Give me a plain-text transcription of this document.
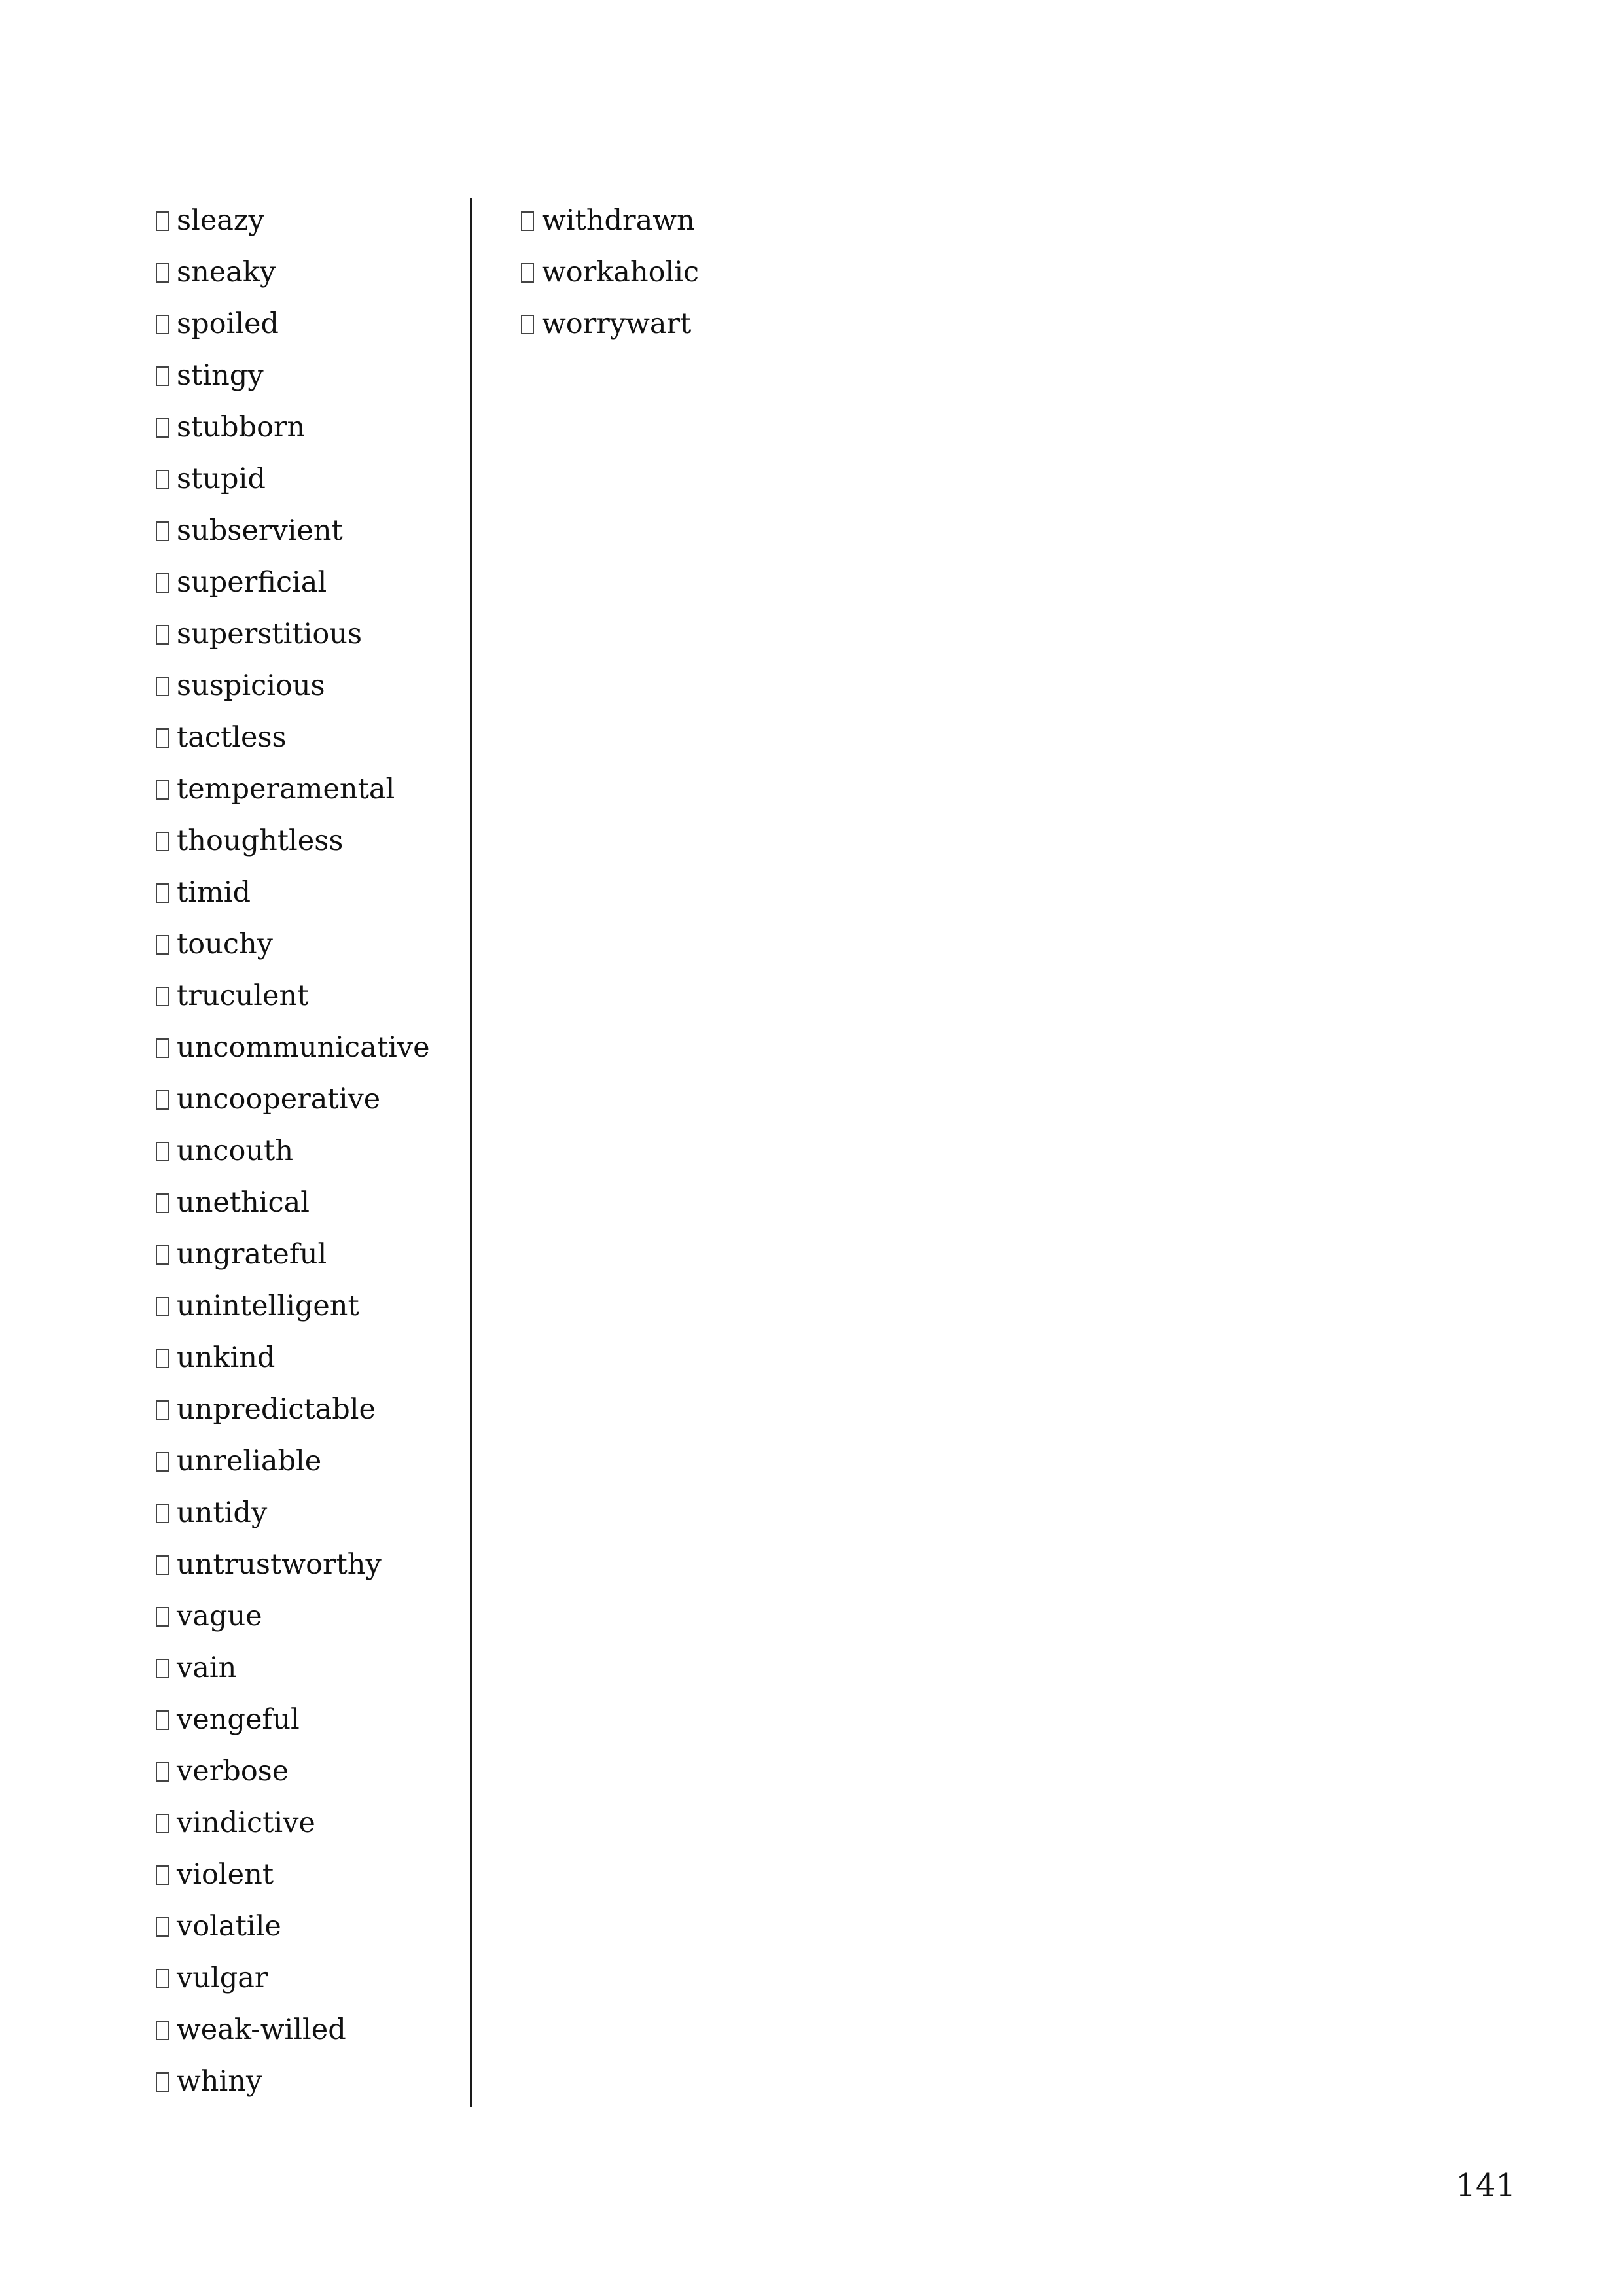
sleazy
sneaky
spoiled
stingy
stubborn
stupid
subservient
superficial
superstitious
suspicious
tactless
temperamental
thoughtless
timid
touchy
truculent
uncommunicative
uncooperative
uncouth
unethical
ungrateful
unintelligent
unkind
unpredictable
unreliable
untidy
untrustworthy
vague
vain
vengeful
verbose
vindictive
violent
volatile
vulgar
weak-willed
whiny
withdrawn
workaholic
worrywart
141
